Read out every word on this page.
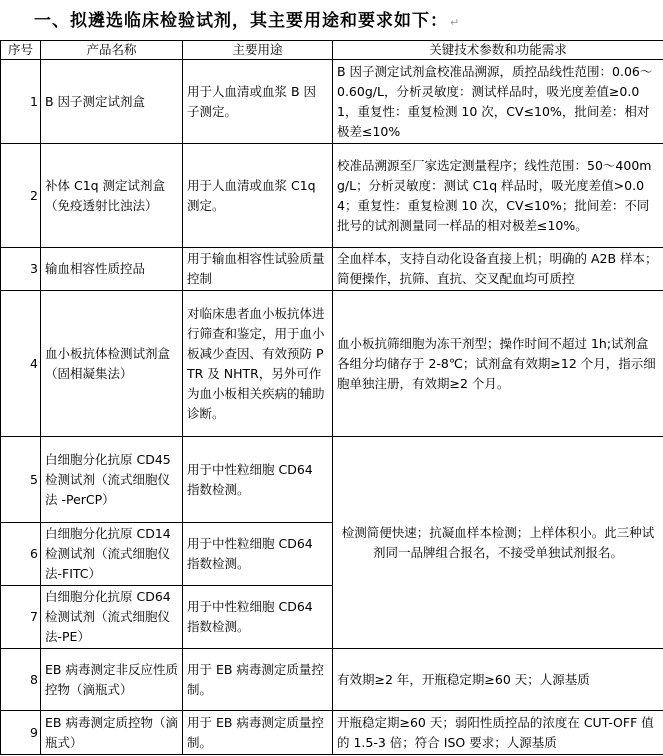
一、拟遴选临床检验试剂，其主要用途和要求如下： ↵
序号	产品名称	主要用途	关键技术参数和功能需求
1	B 因子测定试剂盒	用于人血清或血浆 B 因子测定。	B 因子测定试剂盒校准品溯源，质控品线性范围：0.06～0.60g/L，分析灵敏度：测试样品时，吸光度差值≥0.01，重复性：重复检测 10 次，CV≤10%，批间差：相对极差≤10%
2	补体 C1q 测定试剂盒（免疫透射比浊法）	用于人血清或血浆 C1q 测定。	校准品溯源至厂家选定测量程序；线性范围：50～400mg/L；分析灵敏度：测试 C1q 样品时，吸光度差值>0.04；重复性：重复检测 10 次，CV≤10%；批间差：不同批号的试剂测量同一样品的相对极差≤10%。
3	输血相容性质控品	用于输血相容性试验质量控制	全血样本，支持自动化设备直接上机；明确的 A2B 样本；简便操作，抗筛、直抗、交叉配血均可质控
4	血小板抗体检测试剂盒（固相凝集法）	对临床患者血小板抗体进行筛查和鉴定，用于血小板减少查因、有效预防 PTR 及 NHTR，另外可作为血小板相关疾病的辅助诊断。	血小板抗筛细胞为冻干剂型；操作时间不超过 1h;试剂盒各组分均储存于 2-8℃；试剂盒有效期≥12 个月，指示细胞单独注册，有效期≥2 个月。
5	白细胞分化抗原 CD45 检测试剂（流式细胞仪法 -PerCP）	用于中性粒细胞 CD64 指数检测。	检测简便快速；抗凝血样本检测；上样体积小。此三种试剂同一品牌组合报名，不接受单独试剂报名。
6	白细胞分化抗原 CD14 检测试剂（流式细胞仪法-FITC）	用于中性粒细胞 CD64 指数检测。	
7	白细胞分化抗原 CD64 检测试剂（流式细胞仪法-PE）	用于中性粒细胞 CD64 指数检测。	
8	EB 病毒测定非反应性质控物（滴瓶式）	用于 EB 病毒测定质量控制。	有效期≥2 年，开瓶稳定期≥60 天；人源基质
9	EB 病毒测定质控物（滴瓶式）	用于 EB 病毒测定质量控制。	开瓶稳定期≥60 天；弱阳性质控品的浓度在 CUT-OFF 值的 1.5-3 倍；符合 ISO 要求；人源基质
